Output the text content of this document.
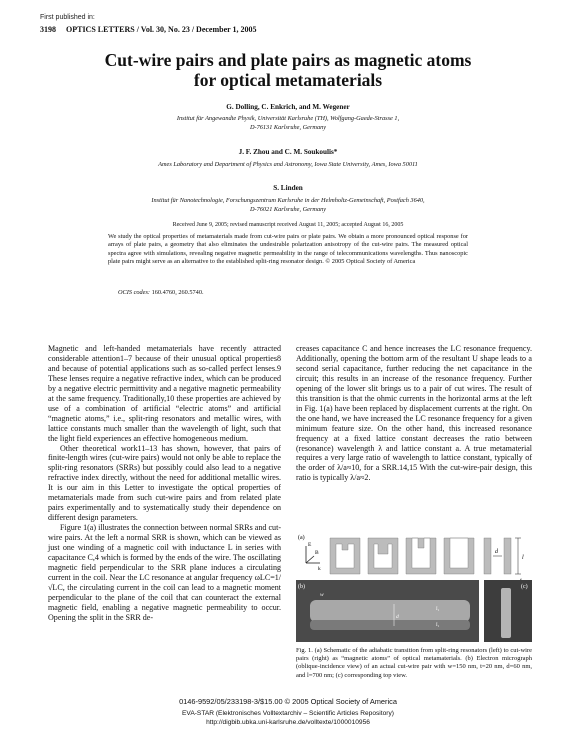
First published in:
3198 OPTICS LETTERS / Vol. 30, No. 23 / December 1, 2005
Cut-wire pairs and plate pairs as magnetic atoms
for optical metamaterials
G. Dolling, C. Enkrich, and M. Wegener
Institut für Angewandte Physik, Universität Karlsruhe (TH), Wolfgang-Gaede-Strasse 1,
D-76131 Karlsruhe, Germany
J. F. Zhou and C. M. Soukoulis*
Ames Laboratory and Department of Physics and Astronomy, Iowa State University, Ames, Iowa 50011
S. Linden
Institut für Nanotechnologie, Forschungszentrum Karlsruhe in der Helmholtz-Gemeinschaft, Postfach 3640,
D-76021 Karlsruhe, Germany
Received June 9, 2005; revised manuscript received August 11, 2005; accepted August 16, 2005
We study the optical properties of metamaterials made from cut-wire pairs or plate pairs. We obtain a more pronounced optical response for arrays of plate pairs, a geometry that also eliminates the undesirable polarization anisotropy of the cut-wire pairs. The measured optical spectra agree with simulations, revealing negative magnetic permeability in the range of telecommunications wavelengths. Thus nanoscopic plate pairs might serve as an alternative to the established split-ring resonator design. © 2005 Optical Society of America
OCIS codes: 160.4760, 260.5740.

Magnetic and left-handed metamaterials have recently attracted considerable attention1–7 because of their unusual optical properties8 and because of potential applications such as so-called perfect lenses.9 These lenses require a negative refractive index, which can be produced by a negative electric permittivity and a negative magnetic permeability at the same frequency. Traditionally,10 these properties are achieved by use of a combination of artificial “electric atoms” and artificial “magnetic atoms,” i.e., split-ring resonators and metallic wires, with lattice constants much smaller than the wavelength of light, such that the light field experiences an effective homogeneous medium.

Other theoretical work11–13 has shown, however, that pairs of finite-length wires (cut-wire pairs) would not only be able to replace the split-ring resonators (SRRs) but possibly could also lead to a negative refractive index directly, without the need for additional metallic wires. It is our aim in this Letter to investigate the optical properties of metamaterials made from such cut-wire pairs and from related plate pairs experimentally and to systematically study their dependence on different design parameters.

Figure 1(a) illustrates the connection between normal SRRs and cut-wire pairs. At the left a normal SRR is shown, which can be viewed as just one winding of a magnetic coil with inductance L in series with capacitance C,4 which is formed by the ends of the wire. The oscillating magnetic field perpendicular to the SRR plane induces a circulating current in the coil. Near the LC resonance at angular frequency ωLC=1/√LC, the circulating current in the coil can lead to a magnetic moment perpendicular to the plane of the coil that can counteract the external magnetic field, enabling a negative magnetic permeability to occur. Opening the split in the SRR de-

creases capacitance C and hence increases the LC resonance frequency. Additionally, opening the bottom arm of the resultant U shape leads to a second serial capacitance, further reducing the net capacitance in the circuit; this results in an increase of the resonance frequency. Further opening of the lower slit brings us to a pair of cut wires. The result of this transition is that the ohmic currents in the horizontal arms at the left in Fig. 1(a) have been replaced by displacement currents at the right. On the one hand, we have increased the LC resonance frequency for a given minimum feature size. On the other hand, this increased resonance frequency at a fixed lattice constant decreases the ratio between (resonance) wavelength λ and lattice constant a. A true metamaterial requires a very large ratio of wavelength to lattice constant, typically of the order of λ/a≈10, for a SRR.14,15 With the cut-wire-pair design, this ratio is typically λ/a≈2.

(a)
E
B
k
d
l
(b)
w
d
I₁
I₁
(c)
Fig. 1. (a) Schematic of the adiabatic transition from split-ring resonators (left) to cut-wire pairs (right) as “magnetic atoms” of optical metamaterials. (b) Electron micrograph (oblique-incidence view) of an actual cut-wire pair with w=150 nm, t=20 nm, d=60 nm, and l=700 nm; (c) corresponding top view.
0146-9592/05/233198-3/$15.00 © 2005 Optical Society of America
EVA-STAR (Elektronisches Volltextarchiv – Scientific Articles Repository)
http://digbib.ubka.uni-karlsruhe.de/volltexte/1000010956
